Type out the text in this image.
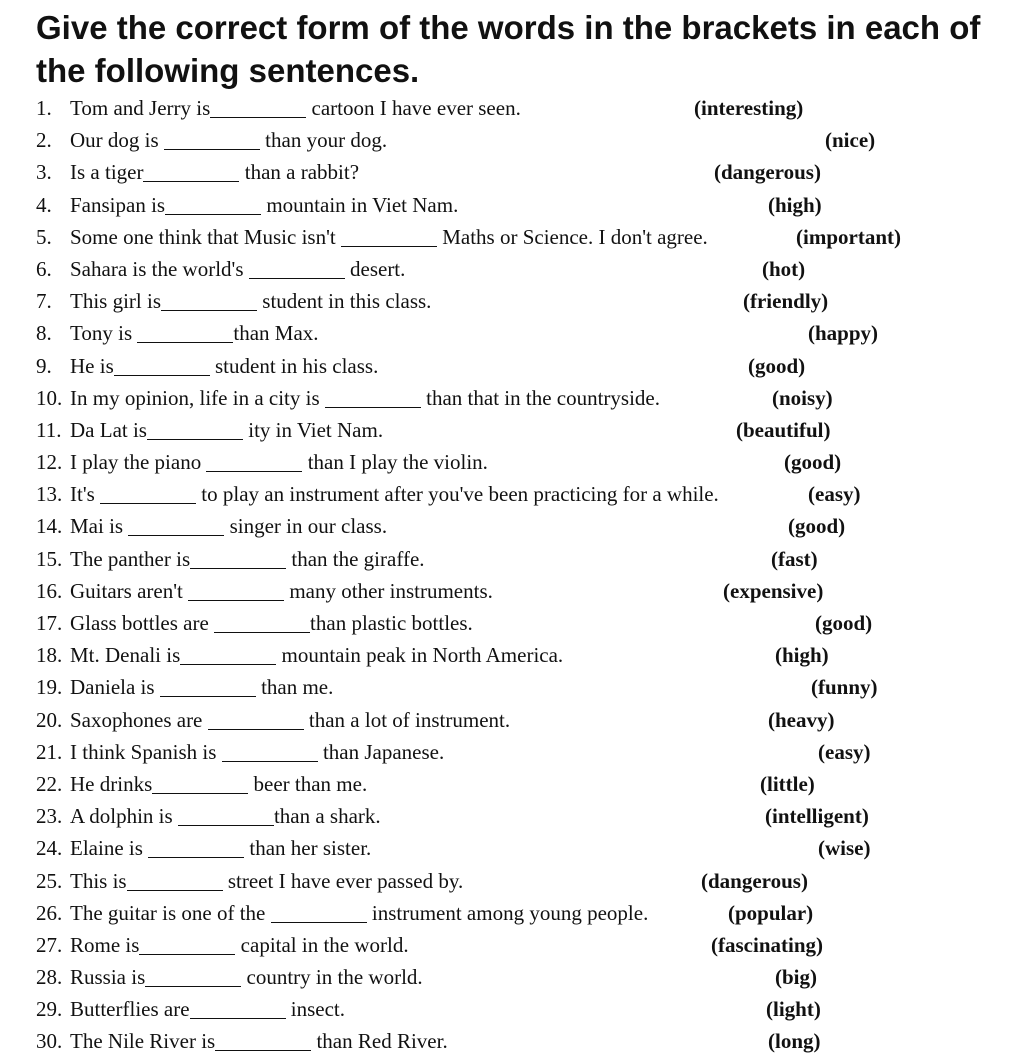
Give the correct form of the words in the brackets in each of the following sentences.
1. Tom and Jerry is	cartoon I have ever seen.	(interesting)
2. Our dog is	than your dog.	(nice)
3. Is a tiger	than a rabbit?	(dangerous)
4. Fansipan is	mountain in Viet Nam.	(high)
5. Some one think that Music isn't	Maths or Science. I don't agree.	(important)
6. Sahara is the world's	desert.	(hot)
7. This girl is	student in this class.	(friendly)
8. Tony is	than Max.	(happy)
9. He is	student in his class.	(good)
10. In my opinion, life in a city is	than that in the countryside.	(noisy)
11. Da Lat is	ity in Viet Nam.	(beautiful)
12. I play the piano	than I play the violin.	(good)
13. It's	to play an instrument after you've been practicing for a while.	(easy)
14. Mai is	singer in our class.	(good)
15. The panther is	than the giraffe.	(fast)
16. Guitars aren't	many other instruments.	(expensive)
17. Glass bottles are	than plastic bottles.	(good)
18. Mt. Denali is	mountain peak in North America.	(high)
19. Daniela is	than me.	(funny)
20. Saxophones are	than a lot of instrument.	(heavy)
21. I think Spanish is	than Japanese.	(easy)
22. He drinks	beer than me.	(little)
23. A dolphin is	than a shark.	(intelligent)
24. Elaine is	than her sister.	(wise)
25. This is	street I have ever passed by.	(dangerous)
26. The guitar is one of the	instrument among young people.	(popular)
27. Rome is	capital in the world.	(fascinating)
28. Russia is	country in the world.	(big)
29. Butterflies are	insect.	(light)
30. The Nile River is	than Red River.	(long)
